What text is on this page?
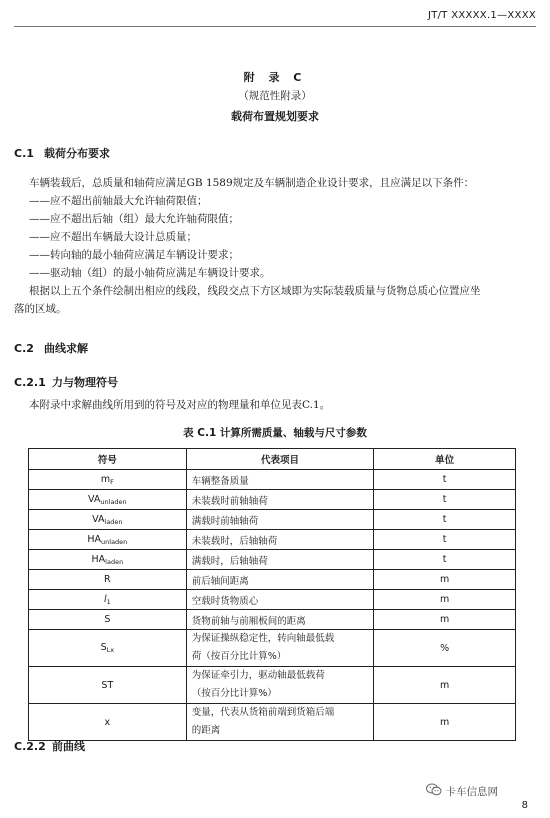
JT/T XXXXX.1—XXXX
附 录 C
（规范性附录）
载荷布置规划要求
C.1 载荷分布要求
车辆装载后，总质量和轴荷应满足GB 1589规定及车辆制造企业设计要求，且应满足以下条件：
——应不超出前轴最大允许轴荷限值；
——应不超出后轴（组）最大允许轴荷限值；
——应不超出车辆最大设计总质量；
——转向轴的最小轴荷应满足车辆设计要求；
——驱动轴（组）的最小轴荷应满足车辆设计要求。
根据以上五个条件绘制出相应的线段，线段交点下方区域即为实际装载质量与货物总质心位置应坐
落的区域。
C.2 曲线求解
C.2.1 力与物理符号
本附录中求解曲线所用到的符号及对应的物理量和单位见表C.1。
表 C.1 计算所需质量、轴载与尺寸参数
符号	代表项目	单位
$m_F$	车辆整备质量	t
$VA_{unladen}$	未装载时前轴轴荷	t
$VA_{laden}$	满载时前轴轴荷	t
$HA_{unladen}$	未装载时，后轴轴荷	t
$HA_{laden}$	满载时，后轴轴荷	t
R	前后轴间距离	m
$l_1$	空载时货物质心	m
S	货物前轴与前厢板间的距离	m
$S_{Lx}$	为保证操纵稳定性，转向轴最低载
荷（按百分比计算%）	%
ST	为保证牵引力，驱动轴最低载荷
（按百分比计算%）	m
x	变量，代表从货箱前端到货箱后端
的距离	m
C.2.2 前曲线
卡车信息网
8
